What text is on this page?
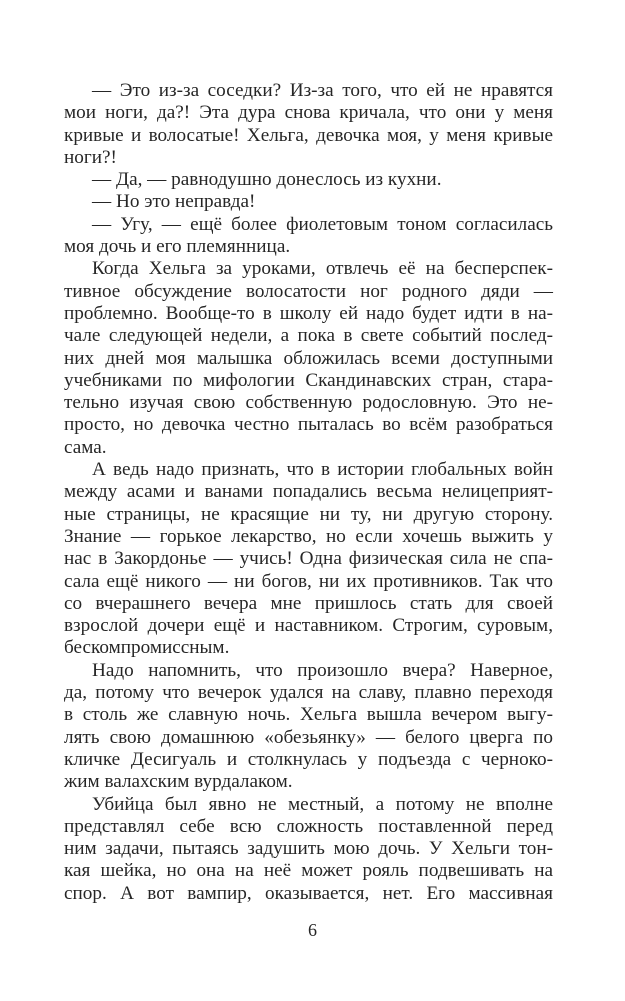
— Это из-за соседки? Из-за того, что ей не нравятся
мои ноги, да?! Эта дура снова кричала, что они у меня
кривые и волосатые! Хельга, девочка моя, у меня кривые
ноги?!
— Да, — равнодушно донеслось из кухни.
— Но это неправда!
— Угу, — ещё более фиолетовым тоном согласилась
моя дочь и его племянница.
Когда Хельга за уроками, отвлечь её на бесперспек-
тивное обсуждение волосатости ног родного дяди —
проблемно. Вообще-то в школу ей надо будет идти в на-
чале следующей недели, а пока в свете событий послед-
них дней моя малышка обложилась всеми доступными
учебниками по мифологии Скандинавских стран, стара-
тельно изучая свою собственную родословную. Это не-
просто, но девочка честно пыталась во всём разобраться
сама.
А ведь надо признать, что в истории глобальных войн
между асами и ванами попадались весьма нелицеприят-
ные страницы, не красящие ни ту, ни другую сторону.
Знание — горькое лекарство, но если хочешь выжить у
нас в Закордонье — учись! Одна физическая сила не спа-
сала ещё никого — ни богов, ни их противников. Так что
со вчерашнего вечера мне пришлось стать для своей
взрослой дочери ещё и наставником. Строгим, суровым,
бескомпромиссным.
Надо напомнить, что произошло вчера? Наверное,
да, потому что вечерок удался на славу, плавно переходя
в столь же славную ночь. Хельга вышла вечером выгу-
лять свою домашнюю «обезьянку» — белого цверга по
кличке Десигуаль и столкнулась у подъезда с черноко-
жим валахским вурдалаком.
Убийца был явно не местный, а потому не вполне
представлял себе всю сложность поставленной перед
ним задачи, пытаясь задушить мою дочь. У Хельги тон-
кая шейка, но она на неё может рояль подвешивать на
спор. А вот вампир, оказывается, нет. Его массивная
6
